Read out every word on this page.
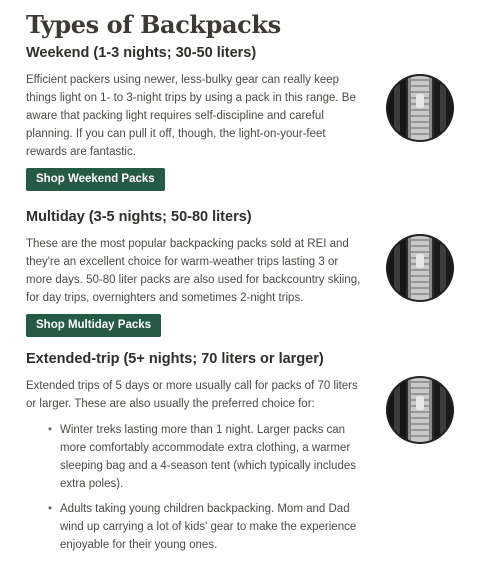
Types of Backpacks
Weekend (1-3 nights; 30-50 liters)

Efficient packers using newer, less-bulky gear can really keep things light on 1- to 3-night trips by using a pack in this range. Be aware that packing light requires self-discipline and careful planning. If you can pull it off, though, the light-on-your-feet rewards are fantastic.

Shop Weekend Packs
Multiday (3-5 nights; 50-80 liters)

These are the most popular backpacking packs sold at REI and they're an excellent choice for warm-weather trips lasting 3 or more days. 50-80 liter packs are also used for backcountry skiing, for day trips, overnighters and sometimes 2-night trips.

Shop Multiday Packs
Extended-trip (5+ nights; 70 liters or larger)

Extended trips of 5 days or more usually call for packs of 70 liters or larger. These are also usually the preferred choice for:

• Winter treks lasting more than 1 night. Larger packs can more comfortably accommodate extra clothing, a warmer sleeping bag and a 4-season tent (which typically includes extra poles).
• Adults taking young children backpacking. Mom and Dad wind up carrying a lot of kids' gear to make the experience enjoyable for their young ones.
